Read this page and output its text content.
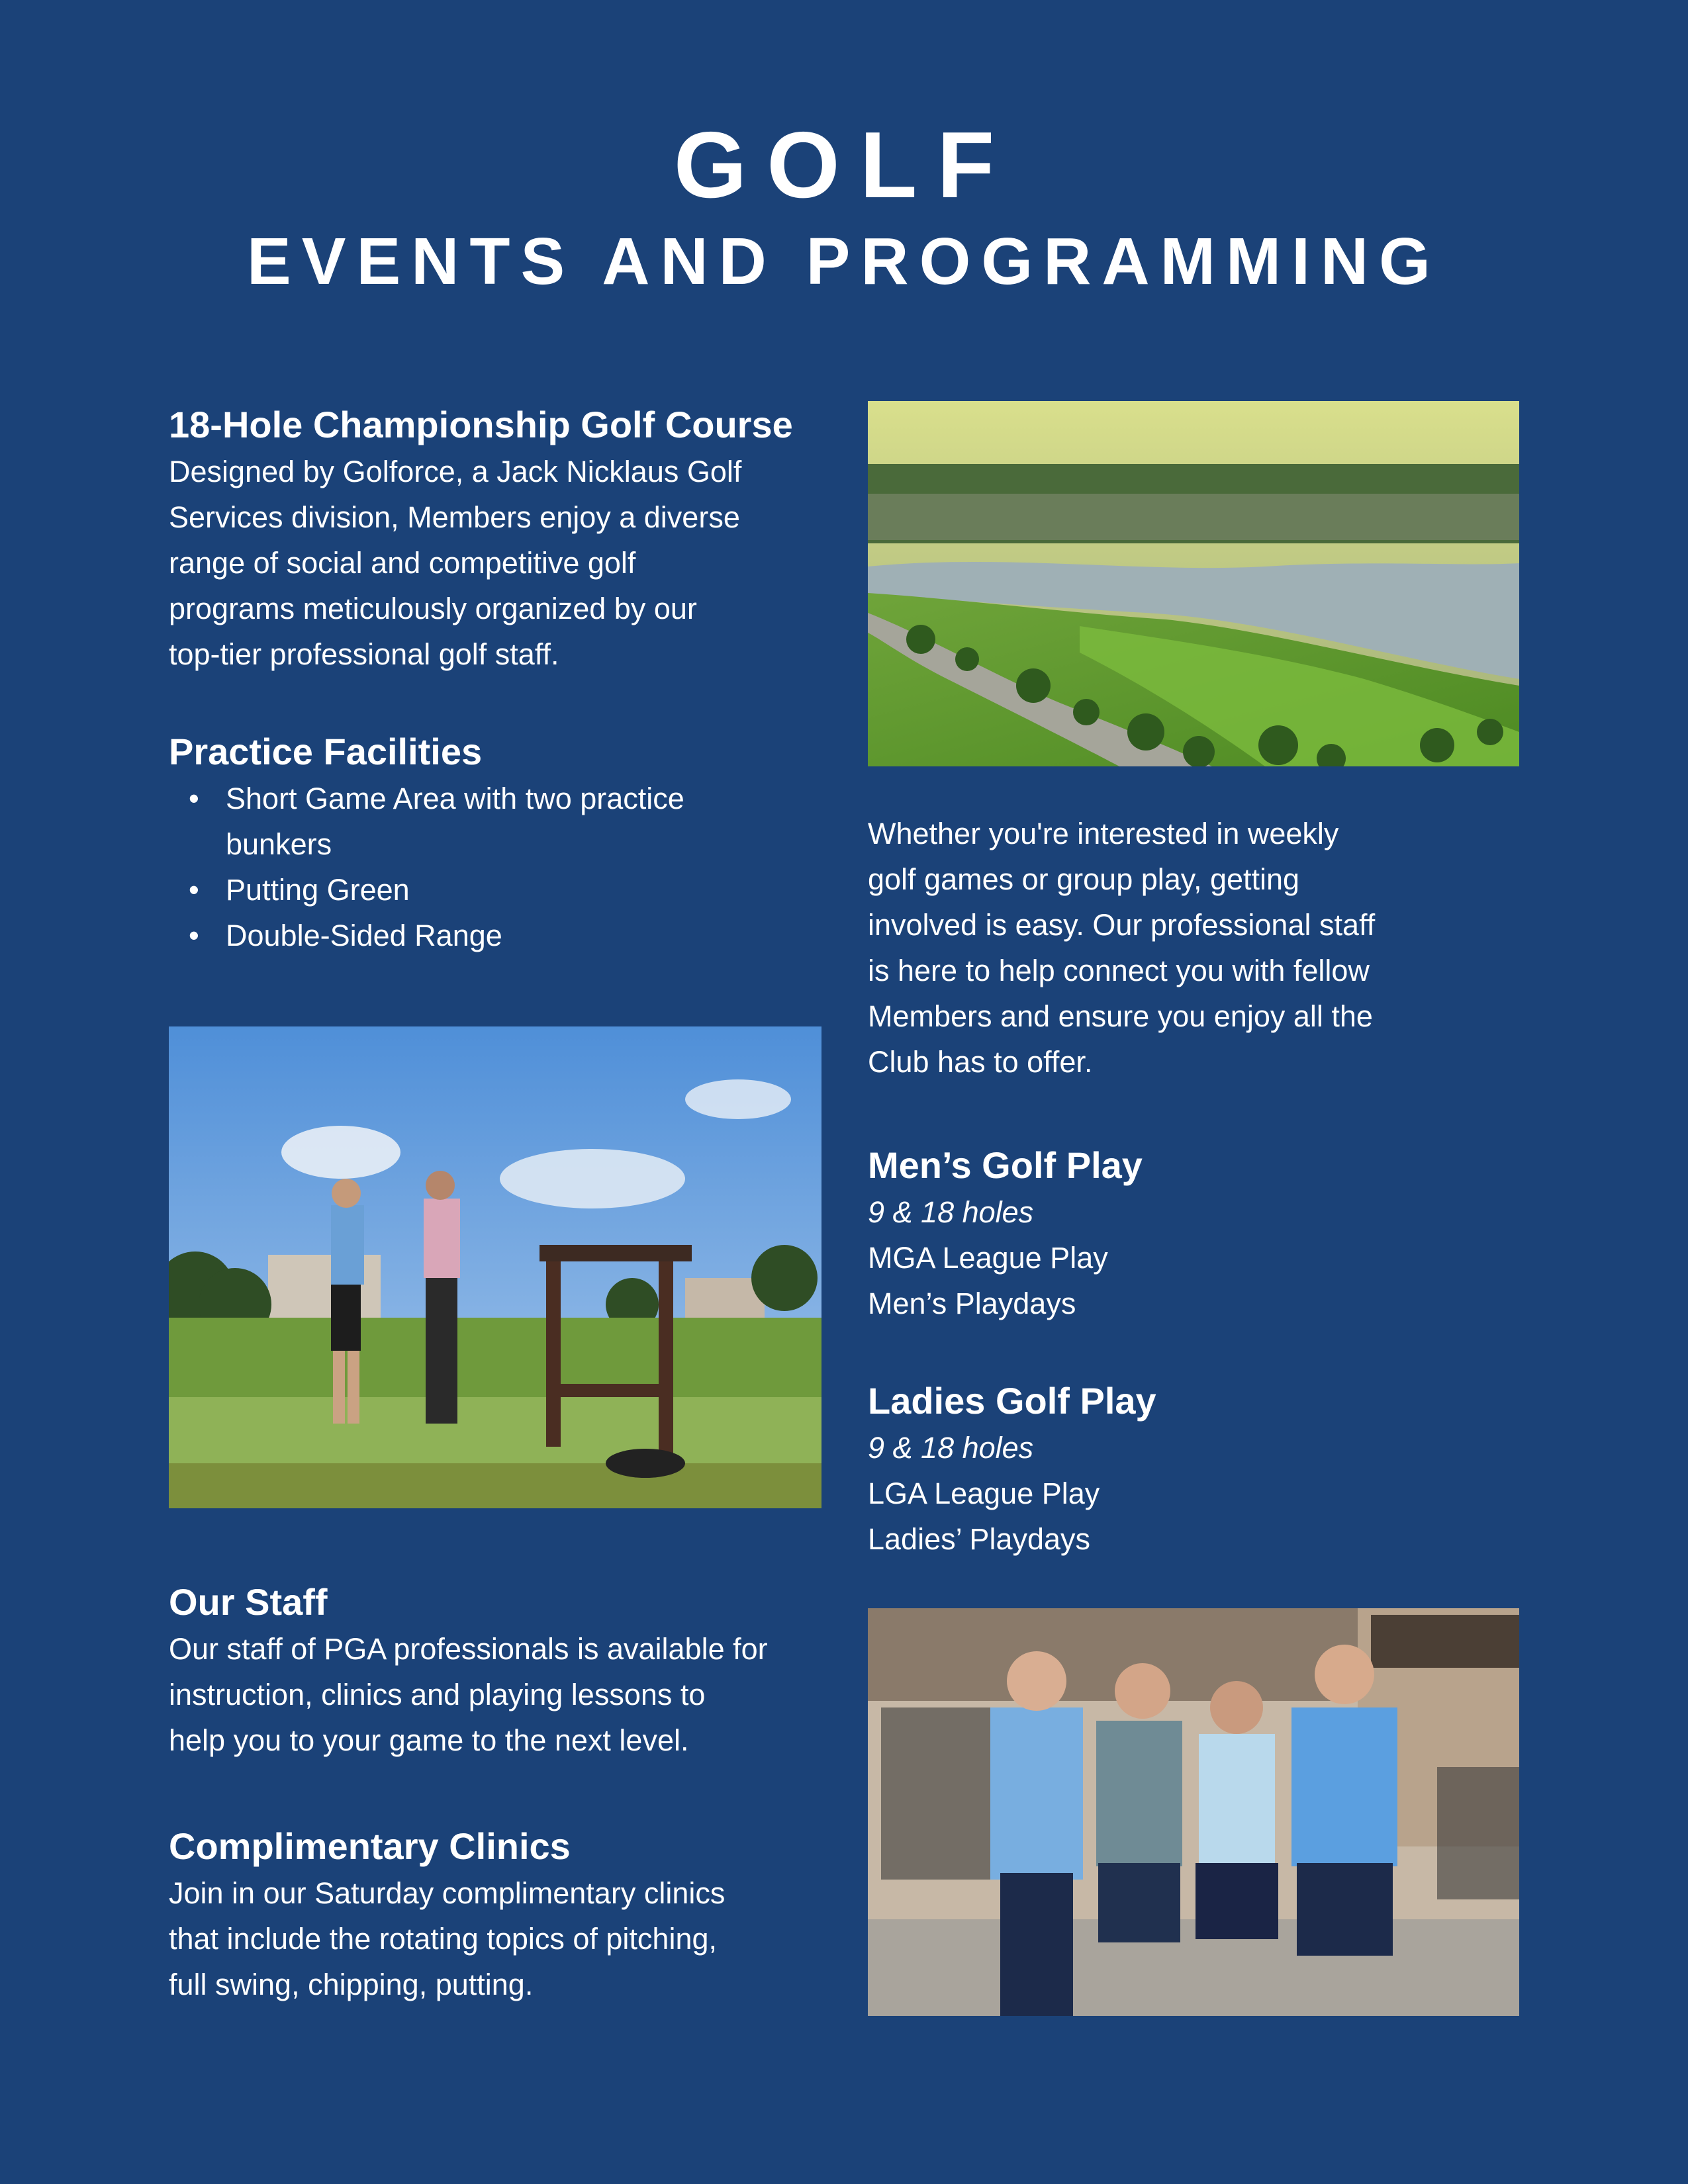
GOLF
EVENTS AND PROGRAMMING
18-Hole Championship Golf Course
Designed by Golforce, a Jack Nicklaus Golf
Services division, Members enjoy a diverse
range of social and competitive golf
programs meticulously organized by our
top-tier professional golf staff.
Practice Facilities
• Short Game Area with two practice
bunkers
• Putting Green
• Double-Sided Range
Whether you're interested in weekly
golf games or group play, getting
involved is easy. Our professional staff
is here to help connect you with fellow
Members and ensure you enjoy all the
Club has to offer.
Men’s Golf Play
9 & 18 holes
MGA League Play
Men’s Playdays
Ladies Golf Play
9 & 18 holes
LGA League Play
Ladies’ Playdays
Our Staff
Our staff of PGA professionals is available for
instruction, clinics and playing lessons to
help you to your game to the next level.
Complimentary Clinics
Join in our Saturday complimentary clinics
that include the rotating topics of pitching,
full swing, chipping, putting.
